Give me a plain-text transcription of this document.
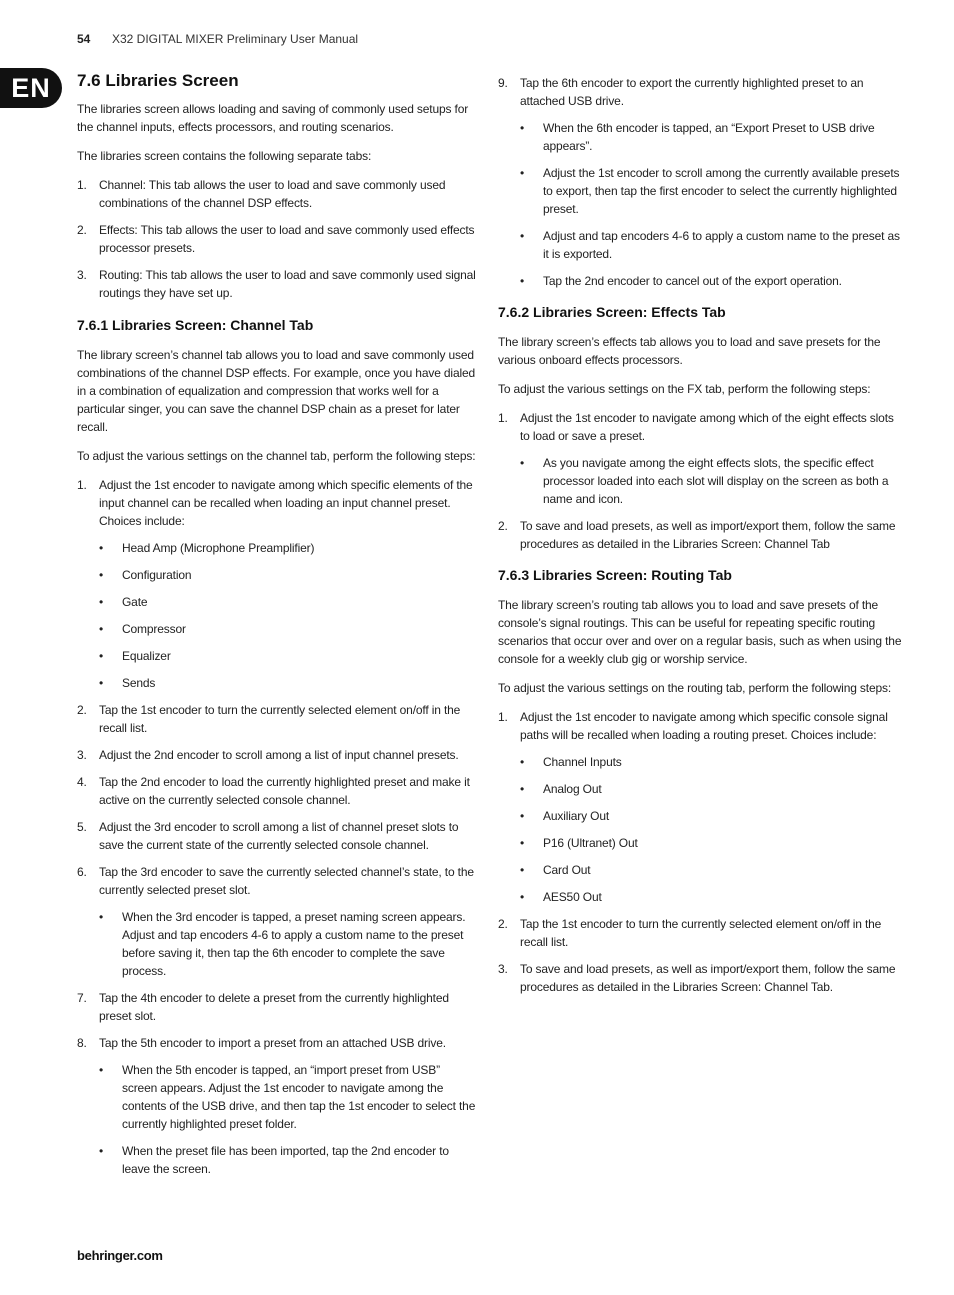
54 X32 DIGITAL MIXER Preliminary User Manual
EN	7.6 Libraries Screen

The libraries screen allows loading and saving of commonly used setups for the channel inputs, effects processors, and routing scenarios.

The libraries screen contains the following separate tabs:

1.	Channel: This tab allows the user to load and save commonly used combinations of the channel DSP effects.
2.	Effects: This tab allows the user to load and save commonly used effects processor presets.
3.	Routing: This tab allows the user to load and save commonly used signal routings they have set up.
7.6.1 Libraries Screen: Channel Tab

The library screen’s channel tab allows you to load and save commonly used combinations of the channel DSP effects. For example, once you have dialed in a combination of equalization and compression that works well for a particular singer, you can save the channel DSP chain as a preset for later recall.

To adjust the various settings on the channel tab, perform the following steps:

1.	Adjust the 1st encoder to navigate among which specific elements of the input channel can be recalled when loading an input channel preset. Choices include:
•	Head Amp (Microphone Preamplifier)
•	Configuration
•	Gate
•	Compressor
•	Equalizer
•	Sends
2.	Tap the 1st encoder to turn the currently selected element on/off in the recall list.
3.	Adjust the 2nd encoder to scroll among a list of input channel presets.
4.	Tap the 2nd encoder to load the currently highlighted preset and make it active on the currently selected console channel.
5.	Adjust the 3rd encoder to scroll among a list of channel preset slots to save the current state of the currently selected console channel.
6.	Tap the 3rd encoder to save the currently selected channel’s state, to the currently selected preset slot.
•	When the 3rd encoder is tapped, a preset naming screen appears. Adjust and tap encoders 4-6 to apply a custom name to the preset before saving it, then tap the 6th encoder to complete the save process.
7.	Tap the 4th encoder to delete a preset from the currently highlighted preset slot.
8.	Tap the 5th encoder to import a preset from an attached USB drive.
•	When the 5th encoder is tapped, an “import preset from USB” screen appears. Adjust the 1st encoder to navigate among the contents of the USB drive, and then tap the 1st encoder to select the currently highlighted preset folder.
•	When the preset file has been imported, tap the 2nd encoder to leave the screen.
9.	Tap the 6th encoder to export the currently highlighted preset to an attached USB drive.
•	When the 6th encoder is tapped, an “Export Preset to USB drive appears”.
•	Adjust the 1st encoder to scroll among the currently available presets to export, then tap the first encoder to select the currently highlighted preset.
•	Adjust and tap encoders 4-6 to apply a custom name to the preset as it is exported.
•	Tap the 2nd encoder to cancel out of the export operation.
7.6.2 Libraries Screen: Effects Tab

The library screen’s effects tab allows you to load and save presets for the various onboard effects processors.

To adjust the various settings on the FX tab, perform the following steps:

1.	Adjust the 1st encoder to navigate among which of the eight effects slots to load or save a preset.
•	As you navigate among the eight effects slots, the specific effect processor loaded into each slot will display on the screen as both a name and icon.
2.	To save and load presets, as well as import/export them, follow the same procedures as detailed in the Libraries Screen: Channel Tab
7.6.3 Libraries Screen: Routing Tab

The library screen’s routing tab allows you to load and save presets of the console’s signal routings. This can be useful for repeating specific routing scenarios that occur over and over on a regular basis, such as when using the console for a weekly club gig or worship service.

To adjust the various settings on the routing tab, perform the following steps:

1.	Adjust the 1st encoder to navigate among which specific console signal paths will be recalled when loading a routing preset. Choices include:
•	Channel Inputs
•	Analog Out
•	Auxiliary Out
•	P16 (Ultranet) Out
•	Card Out
•	AES50 Out
2.	Tap the 1st encoder to turn the currently selected element on/off in the recall list.
3.	To save and load presets, as well as import/export them, follow the same procedures as detailed in the Libraries Screen: Channel Tab.
behringer.com
